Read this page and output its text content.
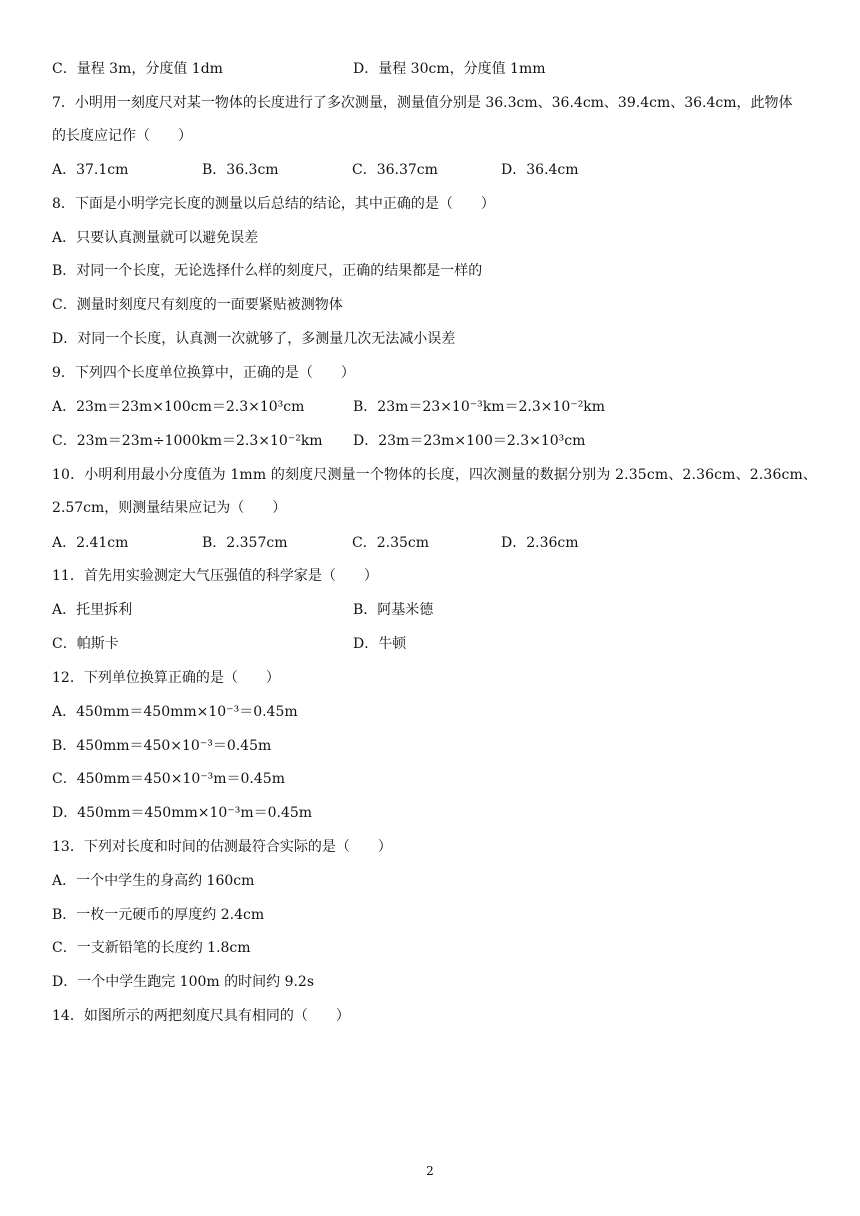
C．量程 3m，分度值 1dm	D．量程 30cm，分度值 1mm
7．小明用一刻度尺对某一物体的长度进行了多次测量，测量值分别是 36.3cm、36.4cm、39.4cm、36.4cm，此物体
的长度应记作（　　）
A．37.1cm	B．36.3cm	C．36.37cm	D．36.4cm
8．下面是小明学完长度的测量以后总结的结论，其中正确的是（　　）
A．只要认真测量就可以避免误差
B．对同一个长度，无论选择什么样的刻度尺，正确的结果都是一样的
C．测量时刻度尺有刻度的一面要紧贴被测物体
D．对同一个长度，认真测一次就够了，多测量几次无法减小误差
9．下列四个长度单位换算中，正确的是（　　）
A．23m＝23m×100cm＝2.3×10³cm	B．23m＝23×10⁻³km＝2.3×10⁻²km
C．23m＝23m÷1000km＝2.3×10⁻²km D．23m＝23m×100＝2.3×10³cm
10．小明利用最小分度值为 1mm 的刻度尺测量一个物体的长度，四次测量的数据分别为 2.35cm、2.36cm、2.36cm、
2.57cm，则测量结果应记为（　　）
A．2.41cm	B．2.357cm	C．2.35cm	D．2.36cm
11．首先用实验测定大气压强值的科学家是（　　）
A．托里拆利	B．阿基米德
C．帕斯卡	D．牛顿
12．下列单位换算正确的是（　　）
A．450mm＝450mm×10⁻³＝0.45m
B．450mm＝450×10⁻³＝0.45m
C．450mm＝450×10⁻³m＝0.45m
D．450mm＝450mm×10⁻³m＝0.45m
13．下列对长度和时间的估测最符合实际的是（　　）
A．一个中学生的身高约 160cm
B．一枚一元硬币的厚度约 2.4cm
C．一支新铅笔的长度约 1.8cm
D．一个中学生跑完 100m 的时间约 9.2s
14．如图所示的两把刻度尺具有相同的（　　）
2
